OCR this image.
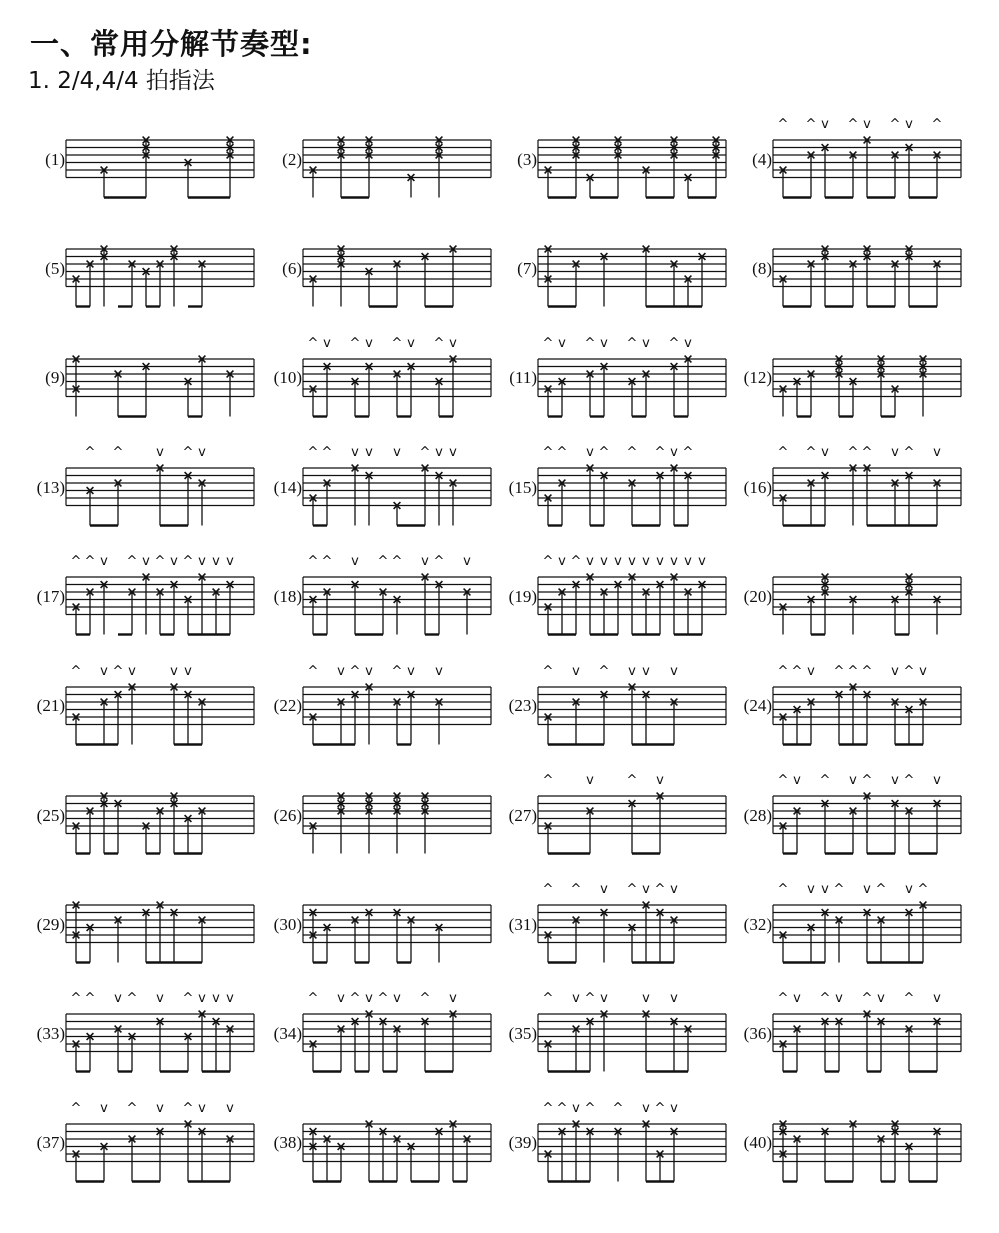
一、常用分解节奏型:
1. 2/4,4/4 拍指法
(1)	(2)	(3)	(4)
^ ^ v ^ v ^ v ^
(5)	(6)	(7)	(8)
(9)	(10)
^ v ^ v ^ v ^ v
(11)
^ v ^ v ^ v ^ v
(12)
(13)
^ ^	v ^ v
(14)
^ ^ v v v ^ v v
(15)
^ ^ v ^ ^ ^ v ^
(16)
^ ^ v ^ ^ v ^ v
(17)
^ ^ v ^ v ^ v ^ v v v
(18)
^ ^ v ^ ^ v ^ v
(19)
^ v ^ v v v v v v v v v
(20)
(21)
^ v ^ v	v v
(22)
^ v ^ v ^ v v
(23)
^ v ^ v v v
(24)
^ ^ v ^ ^ ^ v ^ v
(25)	(26)	(27)
^	v	^ v
(28)
^ v ^ v ^ v ^ v
(29)	(30)	(31)
^ ^ v ^ v ^ v
(32)
^ v v ^ v ^ v ^
(33)
^ ^ v ^ v ^ v v v
(34)
^ v ^ v ^ v ^ v
(35)
^ v ^ v	v v
(36)
^ v ^ v ^ v ^ v
(37)
^ v ^ v ^ v v
(38)	(39)
^ ^ v ^ ^ v ^ v
(40)
